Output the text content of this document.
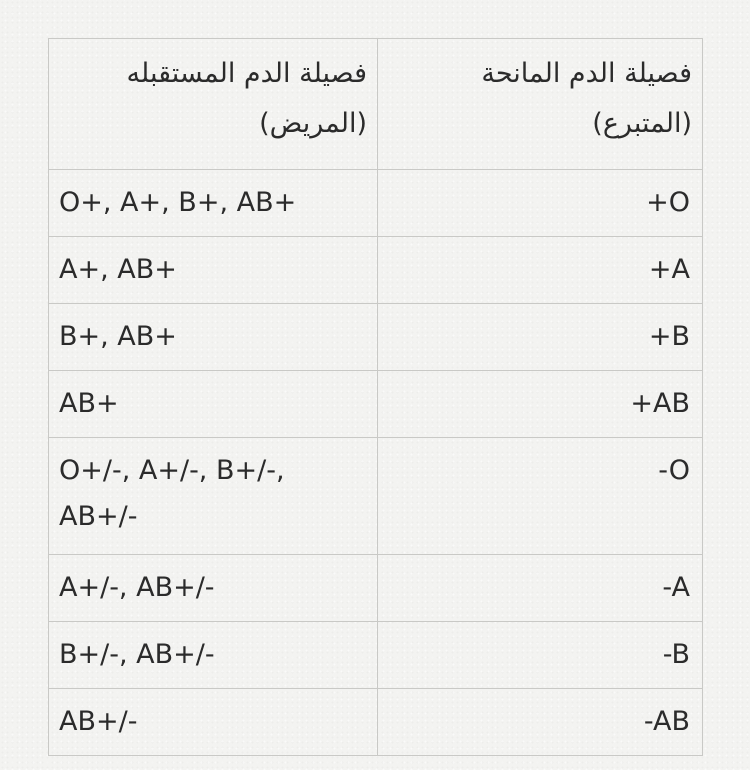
فصيلة الدم المانحة (المتبرع)	فصيلة الدم المستقبله (المريض)
+O	O+, A+, B+, AB+
+A	A+, AB+
+B	B+, AB+
+AB	AB+
-O	O+/-, A+/-, B+/-, AB+/-
-A	A+/-, AB+/-
-B	B+/-, AB+/-
-AB	AB+/-
